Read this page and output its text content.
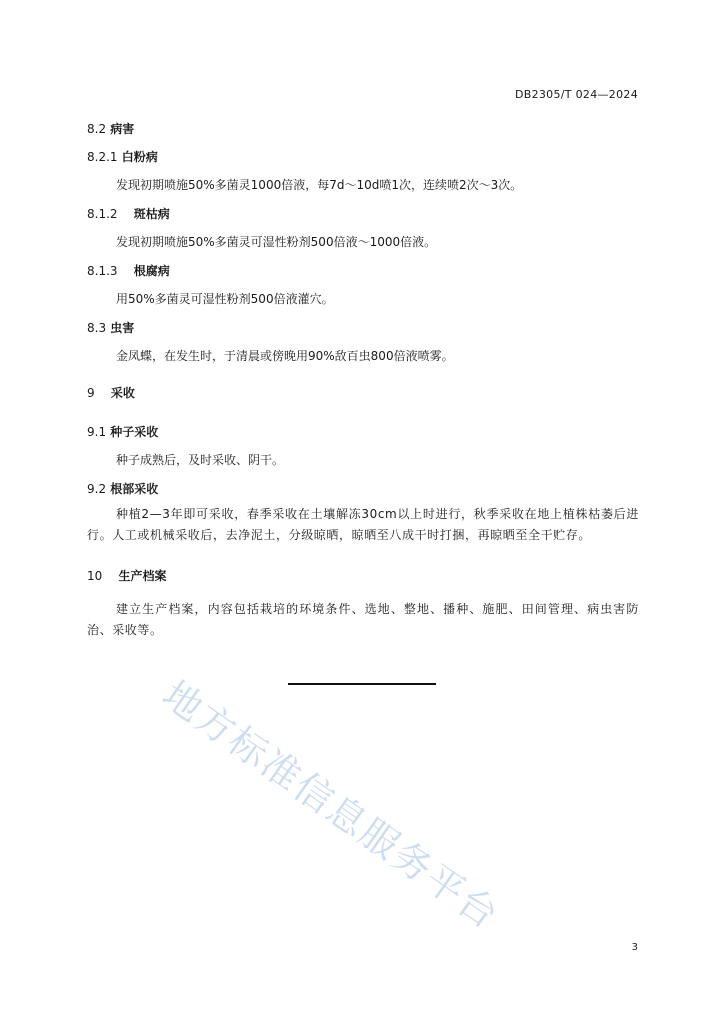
DB2305/T 024—2024
8.2 病害
8.2.1 白粉病
发现初期喷施50%多菌灵1000倍液，每7d～10d喷1次，连续喷2次～3次。
8.1.2 斑枯病
发现初期喷施50%多菌灵可湿性粉剂500倍液～1000倍液。
8.1.3 根腐病
用50%多菌灵可湿性粉剂500倍液灌穴。
8.3 虫害
金凤蝶，在发生时，于清晨或傍晚用90%敌百虫800倍液喷雾。
9 采收
9.1 种子采收
种子成熟后，及时采收、阴干。
9.2 根部采收
种植2—3年即可采收，春季采收在土壤解冻30cm以上时进行，秋季采收在地上植株枯萎后进行。人工或机械采收后，去净泥土，分级晾晒，晾晒至八成干时打捆，再晾晒至全干贮存。
10 生产档案
建立生产档案，内容包括栽培的环境条件、选地、整地、播种、施肥、田间管理、病虫害防治、采收等。
地方标准信息服务平台
3
